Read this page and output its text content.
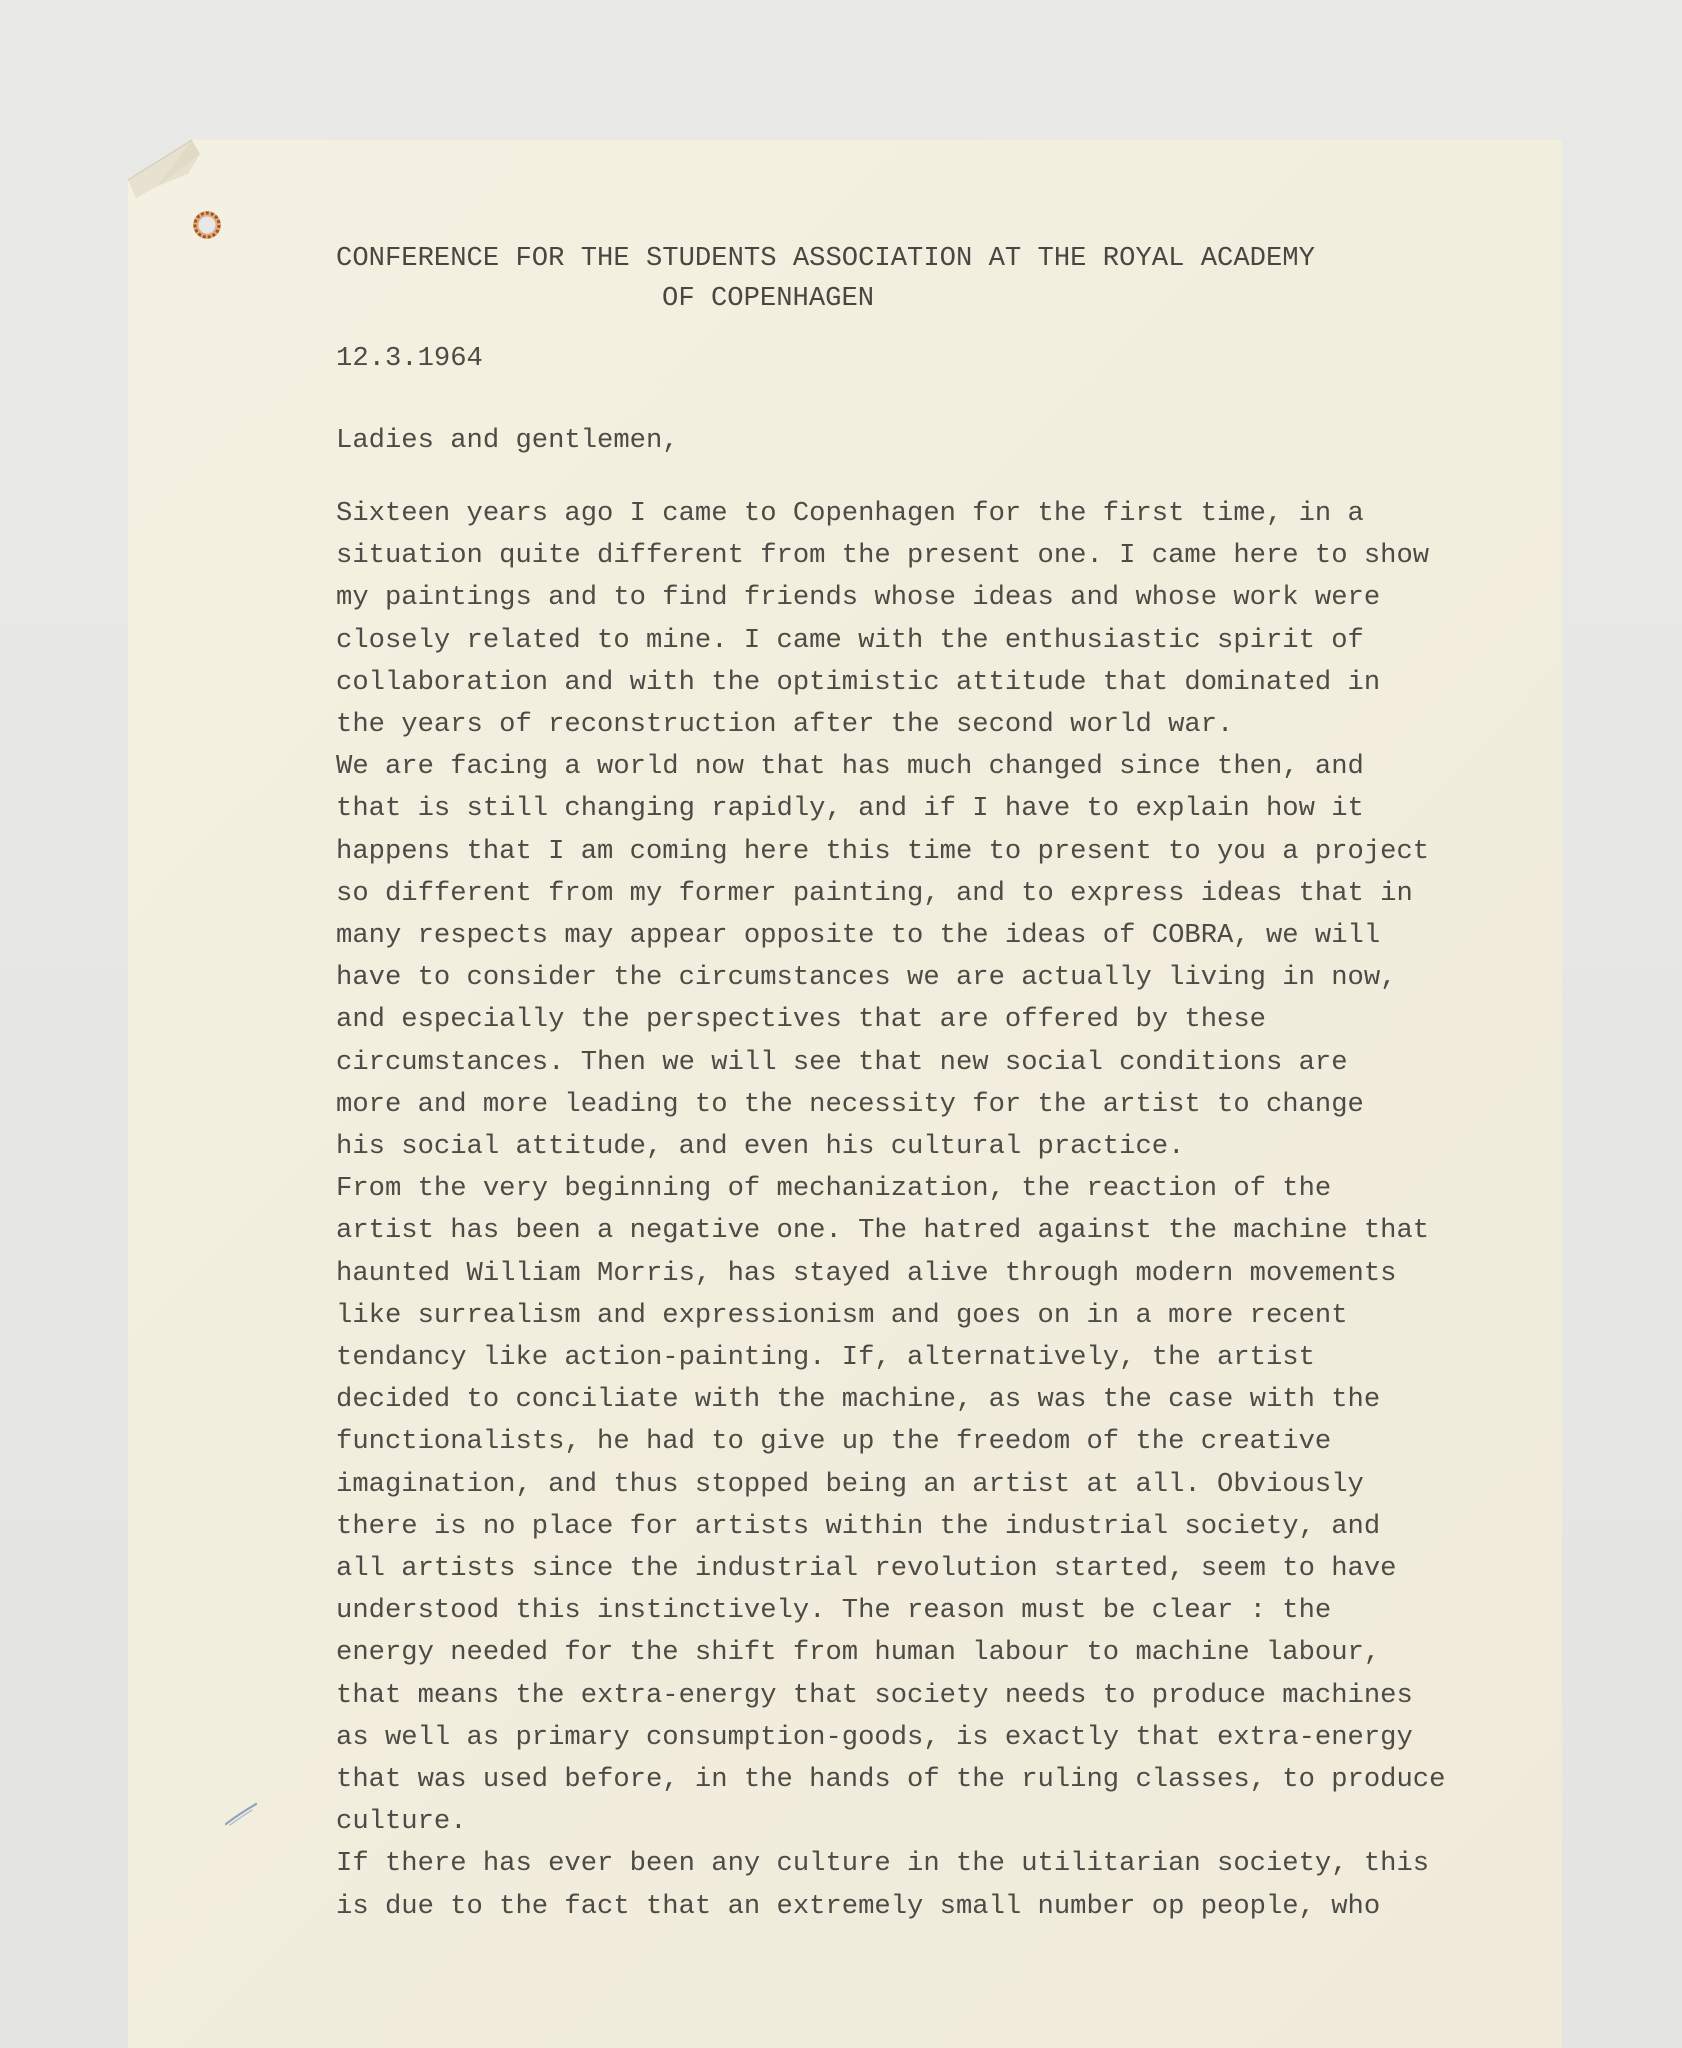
CONFERENCE FOR THE STUDENTS ASSOCIATION AT THE ROYAL ACADEMY
OF COPENHAGEN
12.3.1964
Ladies and gentlemen,
Sixteen years ago I came to Copenhagen for the first time, in a
situation quite different from the present one. I came here to show
my paintings and to find friends whose ideas and whose work were
closely related to mine. I came with the enthusiastic spirit of
collaboration and with the optimistic attitude that dominated in
the years of reconstruction after the second world war.
We are facing a world now that has much changed since then, and
that is still changing rapidly, and if I have to explain how it
happens that I am coming here this time to present to you a project
so different from my former painting, and to express ideas that in
many respects may appear opposite to the ideas of COBRA, we will
have to consider the circumstances we are actually living in now,
and especially the perspectives that are offered by these
circumstances. Then we will see that new social conditions are
more and more leading to the necessity for the artist to change
his social attitude, and even his cultural practice.
From the very beginning of mechanization, the reaction of the
artist has been a negative one. The hatred against the machine that
haunted William Morris, has stayed alive through modern movements
like surrealism and expressionism and goes on in a more recent
tendancy like action-painting. If, alternatively, the artist
decided to conciliate with the machine, as was the case with the
functionalists, he had to give up the freedom of the creative
imagination, and thus stopped being an artist at all. Obviously
there is no place for artists within the industrial society, and
all artists since the industrial revolution started, seem to have
understood this instinctively. The reason must be clear : the
energy needed for the shift from human labour to machine labour,
that means the extra-energy that society needs to produce machines
as well as primary consumption-goods, is exactly that extra-energy
that was used before, in the hands of the ruling classes, to produce
culture.
If there has ever been any culture in the utilitarian society, this
is due to the fact that an extremely small number op people, who
